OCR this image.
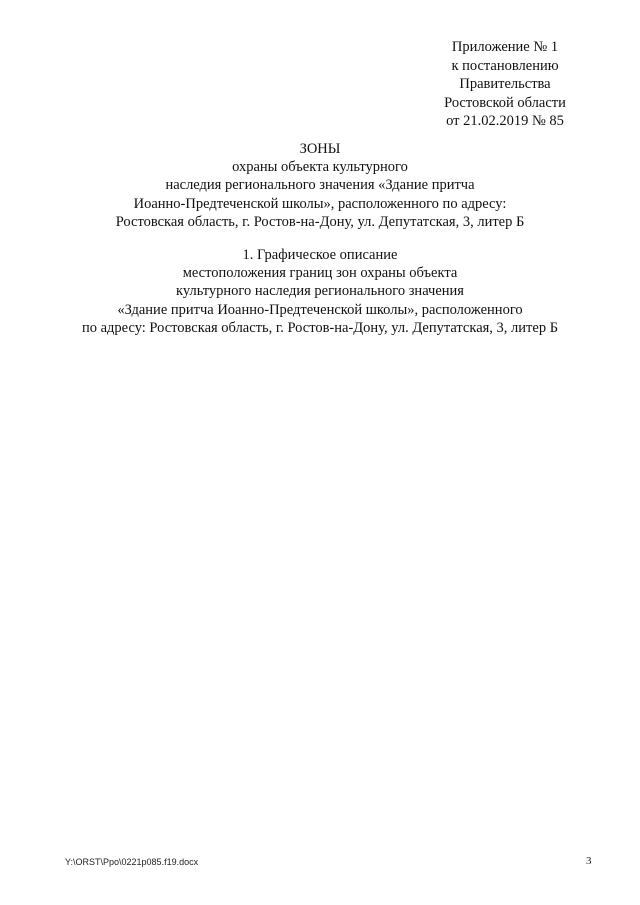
Приложение № 1
к постановлению
Правительства
Ростовской области
от 21.02.2019 № 85
ЗОНЫ
охраны объекта культурного
наследия регионального значения «Здание притча
Иоанно-Предтеченской школы», расположенного по адресу:
Ростовская область, г. Ростов-на-Дону, ул. Депутатская, 3, литер Б
1. Графическое описание
местоположения границ зон охраны объекта
культурного наследия регионального значения
«Здание притча Иоанно-Предтеченской школы», расположенного
по адресу: Ростовская область, г. Ростов-на-Дону, ул. Депутатская, 3, литер Б
Y:\ORST\Ppo\0221p085.f19.docx	3
